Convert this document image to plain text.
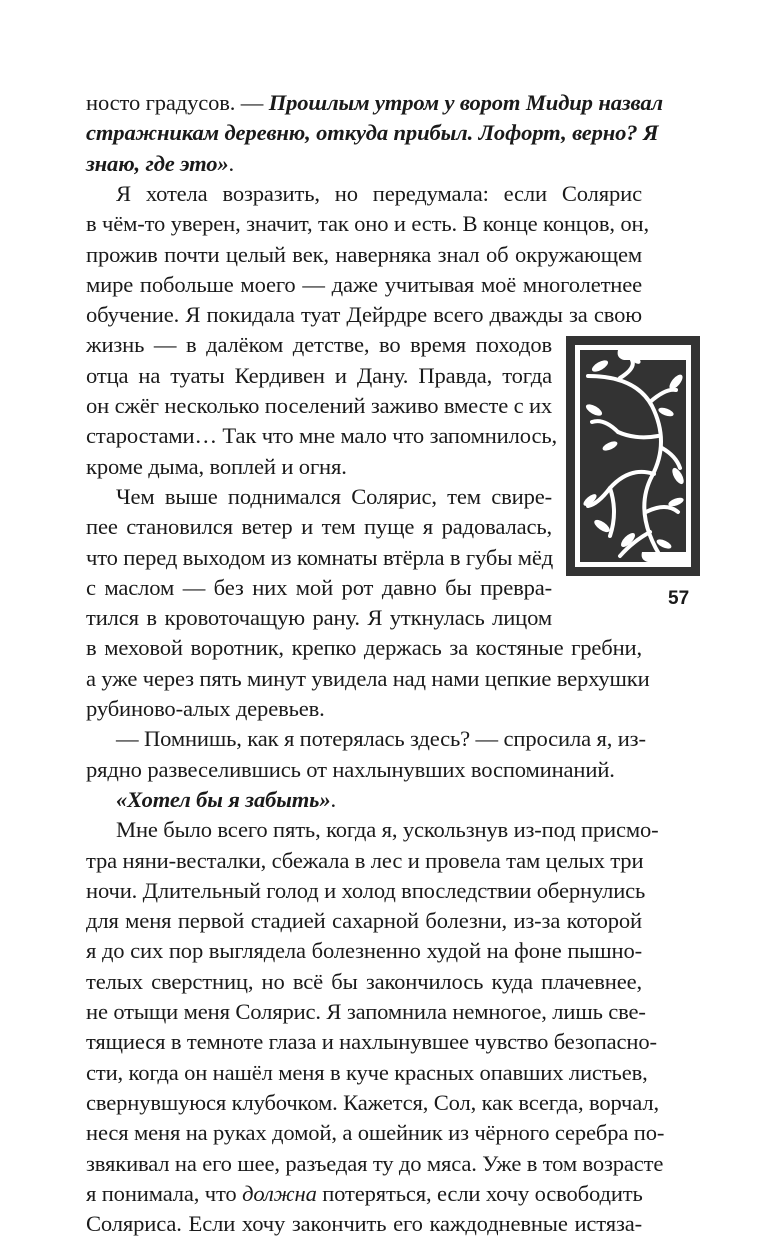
носто градусов. — Прошлым утром у ворот Мидир назвал
стражникам деревню, откуда прибыл. Лофорт, верно? Я
знаю, где это».
Я хотела возразить, но передумала: если Солярис
в чём-то уверен, значит, так оно и есть. В конце концов, он,
прожив почти целый век, наверняка знал об окружающем
мире побольше моего — даже учитывая моё многолетнее
обучение. Я покидала туат Дейрдре всего дважды за свою
жизнь — в далёком детстве, во время походов
отца на туаты Кердивен и Дану. Правда, тогда
он сжёг несколько поселений заживо вместе с их
старостами… Так что мне мало что запомнилось,
кроме дыма, воплей и огня.
Чем выше поднимался Солярис, тем свире-
пее становился ветер и тем пуще я радовалась,
что перед выходом из комнаты втёрла в губы мёд
с маслом — без них мой рот давно бы превра-
тился в кровоточащую рану. Я уткнулась лицом
в меховой воротник, крепко держась за костяные гребни,
а уже через пять минут увидела над нами цепкие верхушки
рубиново-алых деревьев.
— Помнишь, как я потерялась здесь? — спросила я, из-
рядно развеселившись от нахлынувших воспоминаний.
«Хотел бы я забыть».
Мне было всего пять, когда я, ускользнув из-под присмо-
тра няни-весталки, сбежала в лес и провела там целых три
ночи. Длительный голод и холод впоследствии обернулись
для меня первой стадией сахарной болезни, из-за которой
я до сих пор выглядела болезненно худой на фоне пышно-
телых сверстниц, но всё бы закончилось куда плачевнее,
не отыщи меня Солярис. Я запомнила немногое, лишь све-
тящиеся в темноте глаза и нахлынувшее чувство безопасно-
сти, когда он нашёл меня в куче красных опавших листьев,
свернувшуюся клубочком. Кажется, Сол, как всегда, ворчал,
неся меня на руках домой, а ошейник из чёрного серебра по-
звякивал на его шее, разъедая ту до мяса. Уже в том возрасте
я понимала, что должна потеряться, если хочу освободить
Соляриса. Если хочу закончить его каждодневные истяза-
57
